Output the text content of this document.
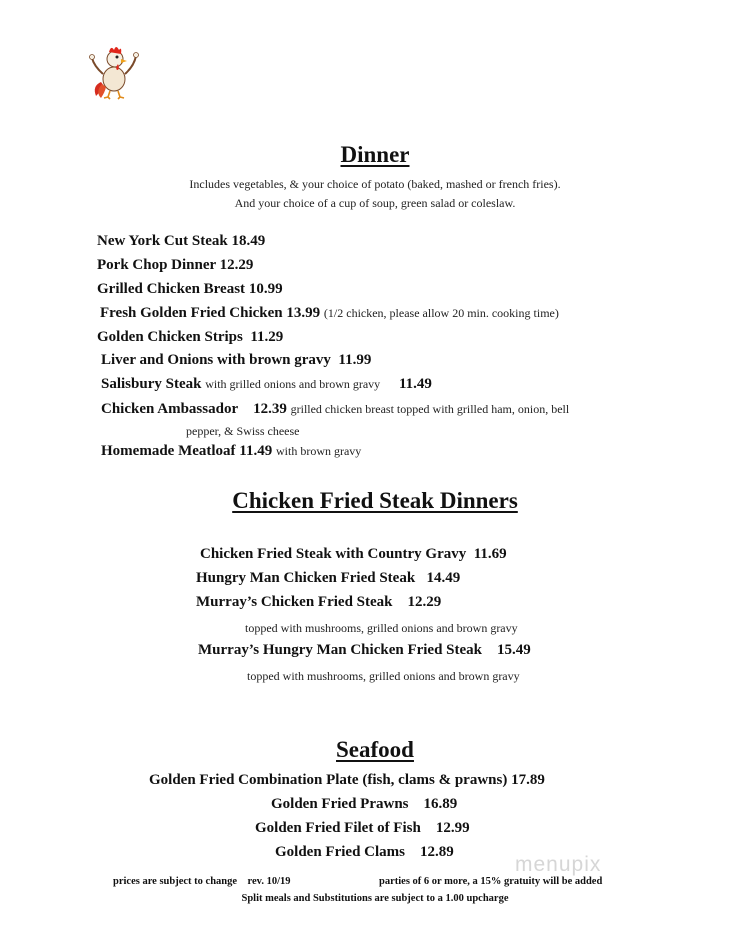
Dinner
Includes vegetables, & your choice of potato (baked, mashed or french fries).
And your choice of a cup of soup, green salad or coleslaw.
New York Cut Steak 18.49
Pork Chop Dinner 12.29
Grilled Chicken Breast 10.99
Fresh Golden Fried Chicken 13.99 (1/2 chicken, please allow 20 min. cooking time)
Golden Chicken Strips 11.29
Liver and Onions with brown gravy 11.99
Salisbury Steak with grilled onions and brown gravy 11.49
Chicken Ambassador 12.39 grilled chicken breast topped with grilled ham, onion, bell
pepper, & Swiss cheese
Homemade Meatloaf 11.49 with brown gravy
Chicken Fried Steak Dinners
Chicken Fried Steak with Country Gravy 11.69
Hungry Man Chicken Fried Steak 14.49
Murray’s Chicken Fried Steak 12.29
topped with mushrooms, grilled onions and brown gravy
Murray’s Hungry Man Chicken Fried Steak 15.49
topped with mushrooms, grilled onions and brown gravy
Seafood
Golden Fried Combination Plate (fish, clams & prawns) 17.89
Golden Fried Prawns 16.89
Golden Fried Filet of Fish 12.99
Golden Fried Clams 12.89
menupix
prices are subject to change rev. 10/19	parties of 6 or more, a 15% gratuity will be added
Split meals and Substitutions are subject to a 1.00 upcharge
